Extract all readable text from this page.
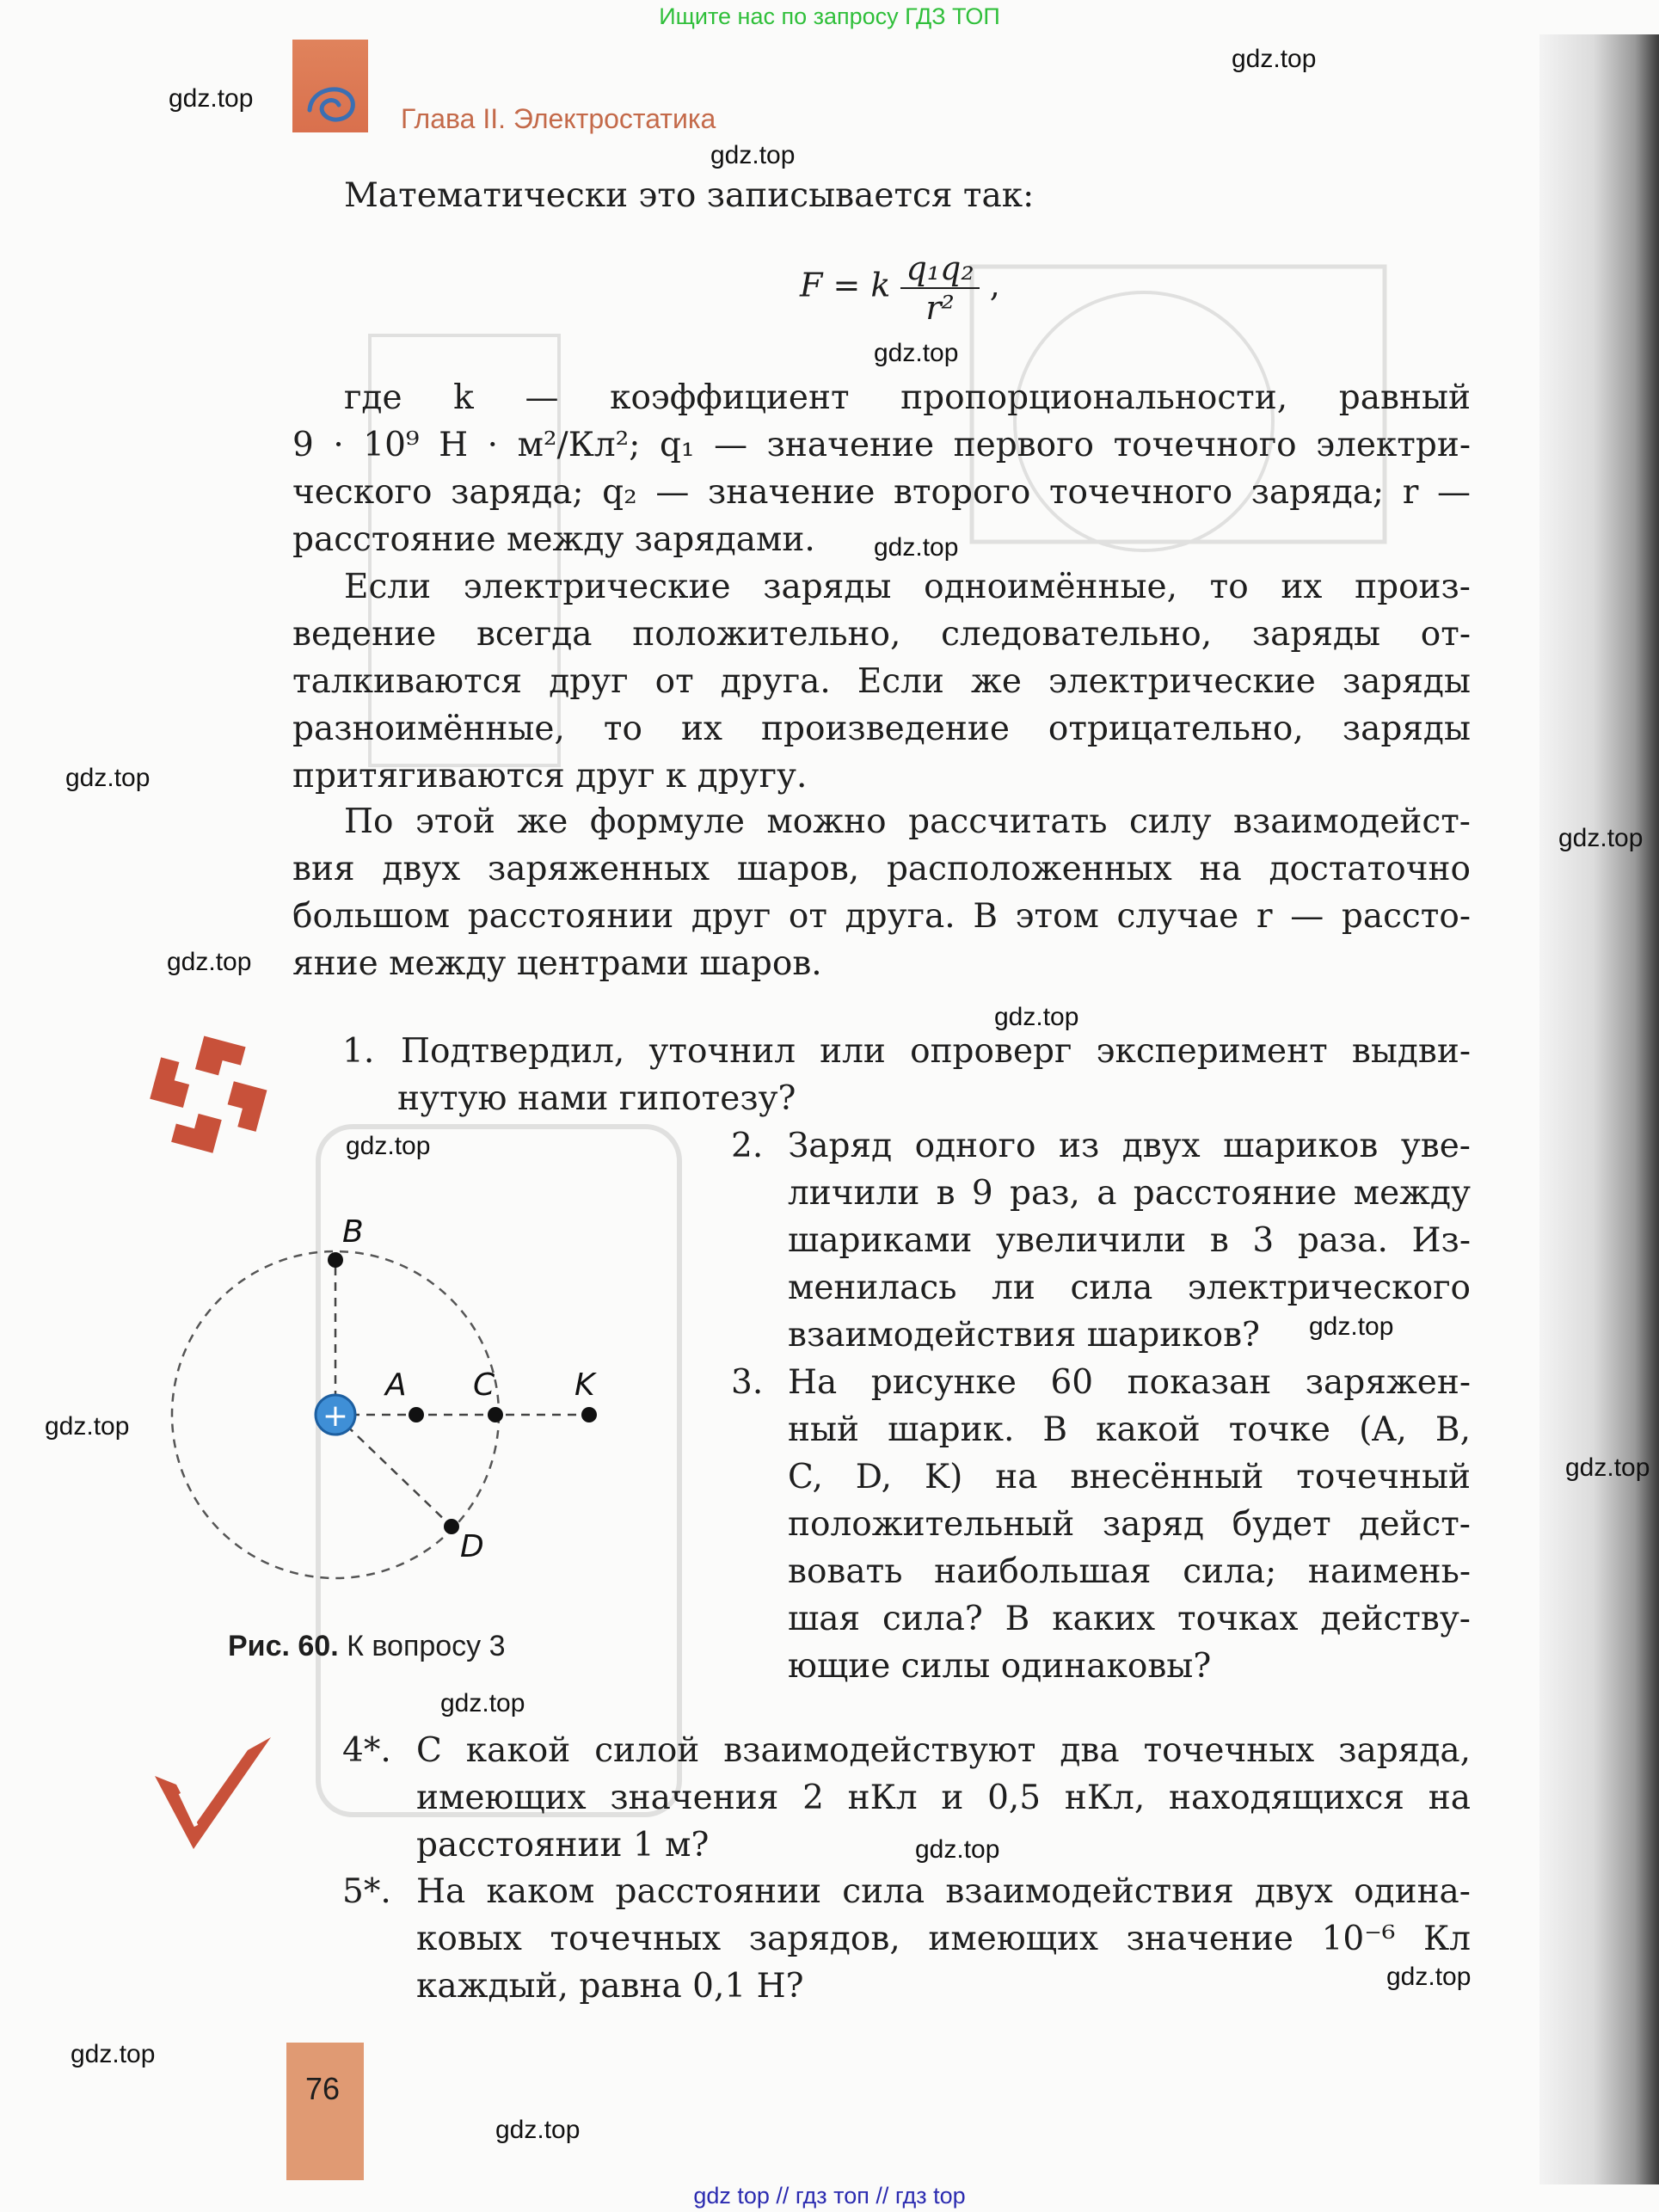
Ищите нас по запросу ГДЗ ТОП
Глава II. Электростатика

Математически это записывается так:

F = k $\frac{\text{q₁q₂}}{\text{r²}}$ ,
где k — коэффициент пропорциональности, равный
9 · 10⁹ Н · м²/Кл²; q₁ — значение первого точечного электри-
ческого заряда; q₂ — значение второго точечного заряда; r —
расстояние между зарядами.
Если электрические заряды одноимённые, то их произ-
ведение всегда положительно, следовательно, заряды от-
талкиваются друг от друга. Если же электрические заряды
разноимённые, то их произведение отрицательно, заряды
притягиваются друг к другу.
По этой же формуле можно рассчитать силу взаимодейст-
вия двух заряженных шаров, расположенных на достаточно
большом расстоянии друг от друга. В этом случае r — рассто-
яние между центрами шаров.
1. Подтвердил, уточнил или опроверг эксперимент выдви-
нутую нами гипотезу?
2. Заряд одного из двух шариков уве-
личили в 9 раз, а расстояние между
шариками увеличили в 3 раза. Из-
менилась ли сила электрического
взаимодействия шариков?
3. На рисунке 60 показан заряжен-
ный шарик. В какой точке (A, B,
C, D, K) на внесённый точечный
положительный заряд будет дейст-
вовать наибольшая сила; наимень-
шая сила? В каких точках действу-
ющие силы одинаковы?
+
B
A C	K
D
Рис. 60. К вопросу 3
4*. С какой силой взаимодействуют два точечных заряда,
имеющих значения 2 нКл и 0,5 нКл, находящихся на
расстоянии 1 м?
5*. На каком расстоянии сила взаимодействия двух одина-
ковых точечных зарядов, имеющих значение 10⁻⁶ Кл
каждый, равна 0,1 Н?
76
gdz.top
gdz.top
gdz.top
gdz.top
gdz.top
gdz.top
gdz.top
gdz.top
gdz.top
gdz.top
gdz.top
gdz.top
gdz.top
gdz.top
gdz.top
gdz.top
gdz.top
gdz.top
gdz top // гдз топ // гдз top
